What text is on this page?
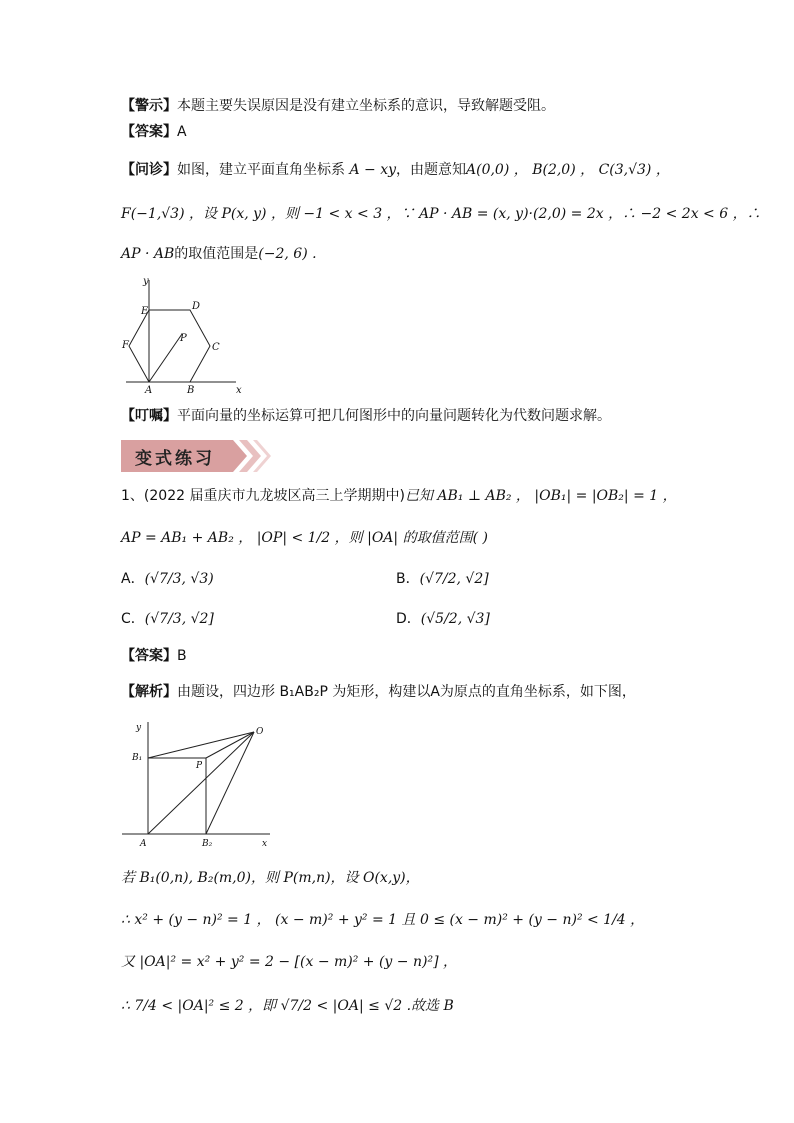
【警示】本题主要失误原因是没有建立坐标系的意识，导致解题受阻。
【答案】A
【问诊】如图，建立平面直角坐标系 A − xy，由题意知A(0,0) ， B(2,0) ， C(3,√3) ，
F(−1,√3) ，设 P(x, y) ，则 −1 < x < 3 ，∵ AP · AB = (x, y)·(2,0) = 2x ，∴ −2 < 2x < 6 ，∴
AP · AB的取值范围是(−2, 6) .
y
E	D
F
P
C
A	B	x
【叮嘱】平面向量的坐标运算可把几何图形中的向量问题转化为代数问题求解。
变式练习
1、(2022 届重庆市九龙坡区高三上学期期中)已知 AB₁ ⊥ AB₂ ， |OB₁| = |OB₂| = 1 ，
AP = AB₁ + AB₂ ， |OP| < 1/2 ，则 |OA| 的取值范围( )
A．(√7/3, √3)	B．(√7/2, √2]
C．(√7/3, √2]	D．(√5/2, √3]
【答案】B
【解析】由题设，四边形 B₁AB₂P 为矩形，构建以A为原点的直角坐标系，如下图，
y
B₁
P
O
A	B₂	x
若 B₁(0,n), B₂(m,0)，则 P(m,n)，设 O(x,y)，
∴ x² + (y − n)² = 1 ， (x − m)² + y² = 1 且 0 ≤ (x − m)² + (y − n)² < 1/4 ，
又 |OA|² = x² + y² = 2 − [(x − m)² + (y − n)²] ，
∴ 7/4 < |OA|² ≤ 2 ，即 √7/2 < |OA| ≤ √2 .故选 B
